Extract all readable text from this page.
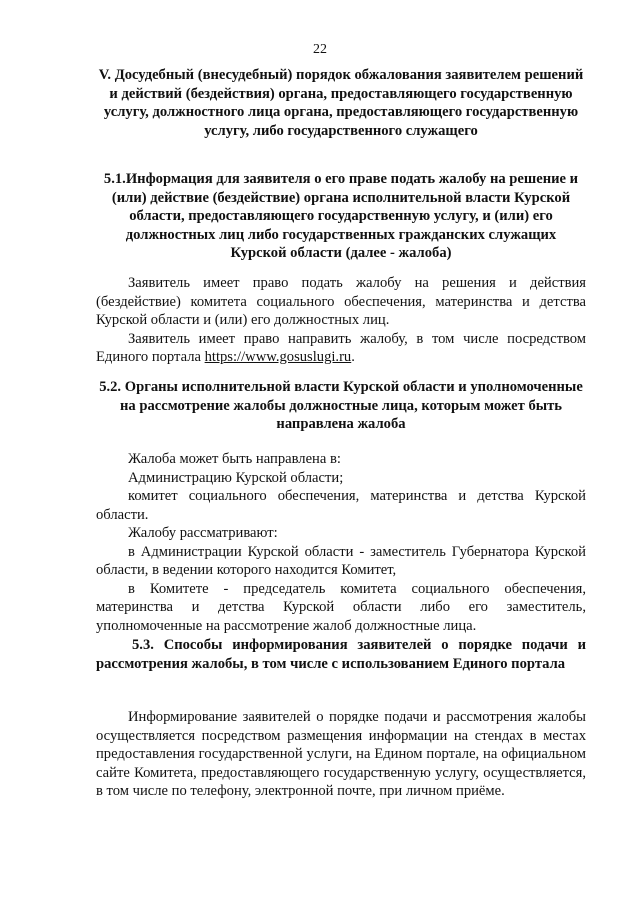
22
V. Досудебный (внесудебный) порядок обжалования заявителем решений и действий (бездействия) органа, предоставляющего государственную услугу, должностного лица органа, предоставляющего государственную услугу, либо государственного служащего
5.1.Информация для заявителя о его праве подать жалобу на решение и (или) действие (бездействие) органа исполнительной власти Курской области, предоставляющего государственную услугу, и (или) его должностных лиц либо государственных гражданских служащих Курской области (далее - жалоба)

Заявитель имеет право подать жалобу на решения и действия (бездействие) комитета социального обеспечения, материнства и детства Курской области и (или) его должностных лиц.

Заявитель имеет право направить жалобу, в том числе посредством Единого портала https://www.gosuslugi.ru.

5.2. Органы исполнительной власти Курской области и уполномоченные на рассмотрение жалобы должностные лица, которым может быть направлена жалоба

Жалоба может быть направлена в:

Администрацию Курской области;

комитет социального обеспечения, материнства и детства Курской области.

Жалобу рассматривают:

в Администрации Курской области - заместитель Губернатора Курской области, в ведении которого находится Комитет,

в Комитете - председатель комитета социального обеспечения, материнства и детства Курской области либо его заместитель, уполномоченные на рассмотрение жалоб должностные лица.

5.3. Способы информирования заявителей о порядке подачи и рассмотрения жалобы, в том числе с использованием Единого портала

Информирование заявителей о порядке подачи и рассмотрения жалобы осуществляется посредством размещения информации на стендах в местах предоставления государственной услуги, на Едином портале, на официальном сайте Комитета, предоставляющего государственную услугу, осуществляется, в том числе по телефону, электронной почте, при личном приёме.
